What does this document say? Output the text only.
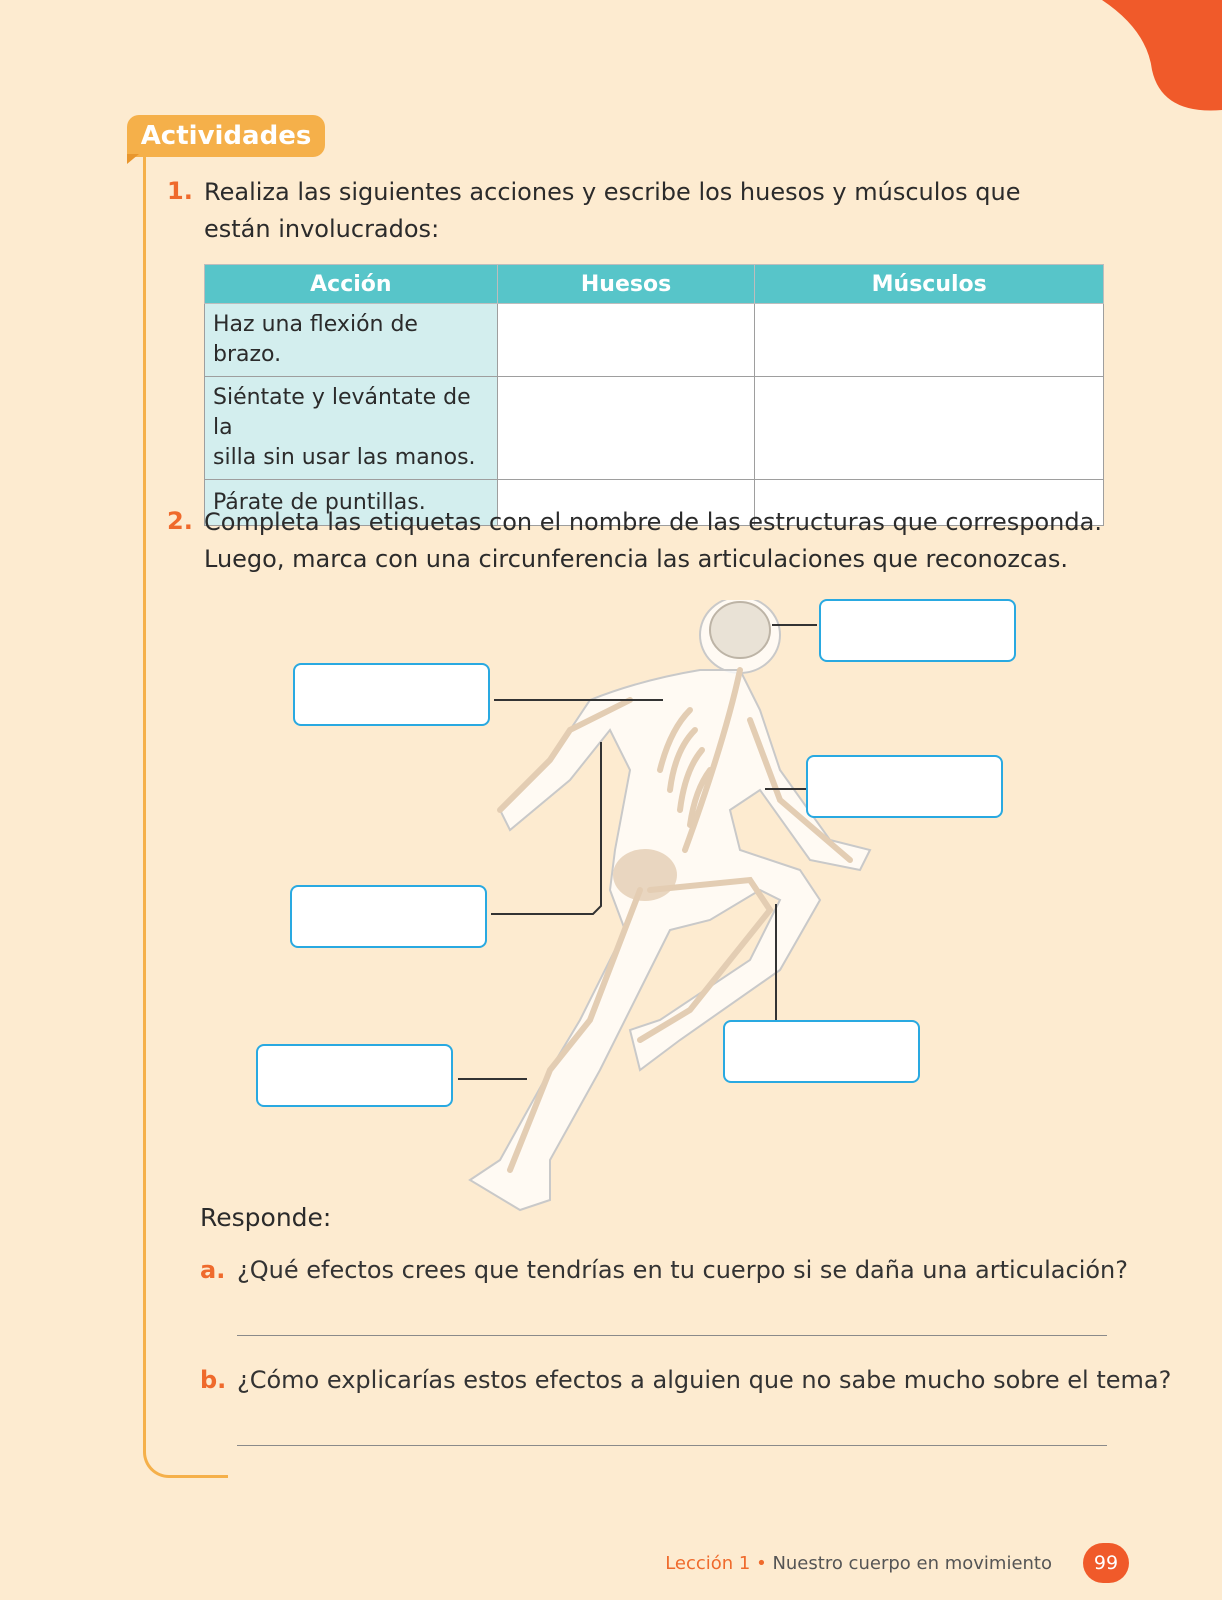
Actividades
1. Realiza las siguientes acciones y escribe los huesos y músculos que
están involucrados:
Acción	Huesos	Músculos

Haz una flexión de brazo.		

Siéntate y levántate de la
silla sin usar las manos.		

Párate de puntillas.		

2. Completa las etiquetas con el nombre de las estructuras que corresponda.
Luego, marca con una circunferencia las articulaciones que reconozcas.
Responde:
a. ¿Qué efectos crees que tendrías en tu cuerpo si se daña una articulación?
b. ¿Cómo explicarías estos efectos a alguien que no sabe mucho sobre el tema?
Lección 1 • Nuestro cuerpo en movimiento	99
